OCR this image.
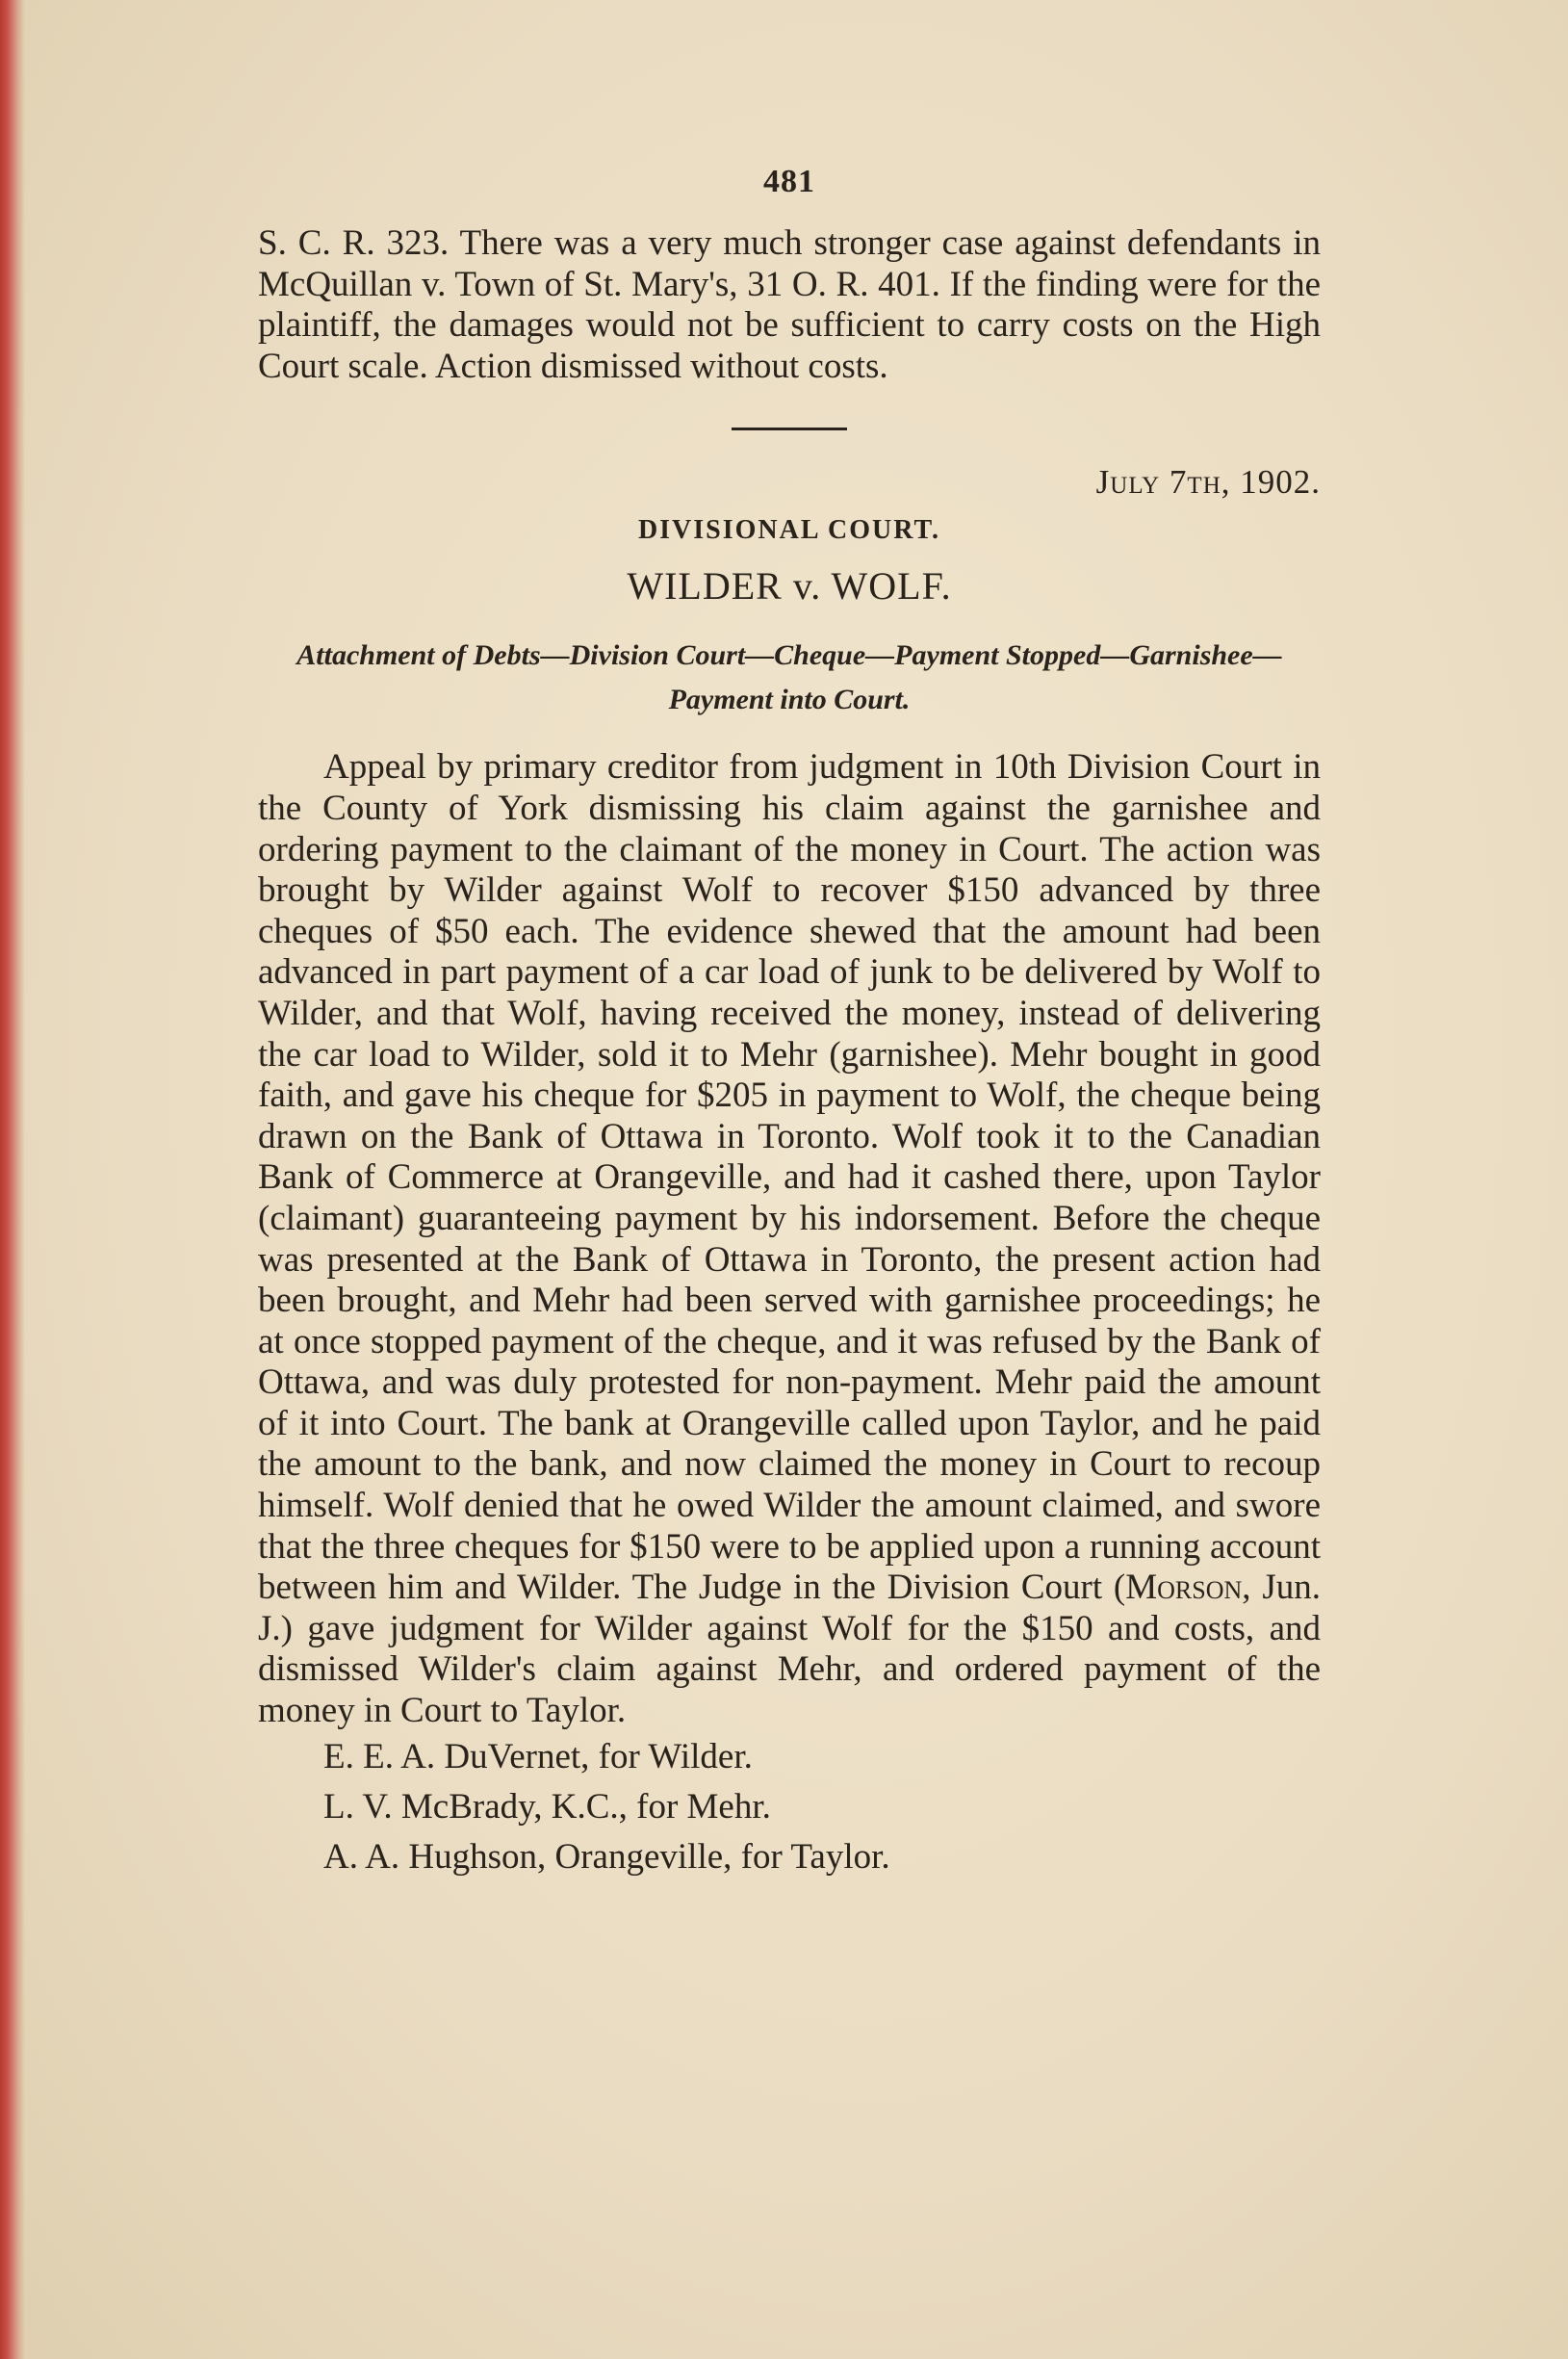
481

S. C. R. 323. There was a very much stronger case against defendants in McQuillan v. Town of St. Mary's, 31 O. R. 401. If the finding were for the plaintiff, the damages would not be sufficient to carry costs on the High Court scale. Action dismissed without costs.

July 7th, 1902.
DIVISIONAL COURT.
WILDER v. WOLF.
Attachment of Debts—Division Court—Cheque—Payment Stopped—Garnishee—Payment into Court.

Appeal by primary creditor from judgment in 10th Division Court in the County of York dismissing his claim against the garnishee and ordering payment to the claimant of the money in Court. The action was brought by Wilder against Wolf to recover $150 advanced by three cheques of $50 each. The evidence shewed that the amount had been advanced in part payment of a car load of junk to be delivered by Wolf to Wilder, and that Wolf, having received the money, instead of delivering the car load to Wilder, sold it to Mehr (garnishee). Mehr bought in good faith, and gave his cheque for $205 in payment to Wolf, the cheque being drawn on the Bank of Ottawa in Toronto. Wolf took it to the Canadian Bank of Commerce at Orangeville, and had it cashed there, upon Taylor (claimant) guaranteeing payment by his indorsement. Before the cheque was presented at the Bank of Ottawa in Toronto, the present action had been brought, and Mehr had been served with garnishee proceedings; he at once stopped payment of the cheque, and it was refused by the Bank of Ottawa, and was duly protested for non-payment. Mehr paid the amount of it into Court. The bank at Orangeville called upon Taylor, and he paid the amount to the bank, and now claimed the money in Court to recoup himself. Wolf denied that he owed Wilder the amount claimed, and swore that the three cheques for $150 were to be applied upon a running account between him and Wilder. The Judge in the Division Court (Morson, Jun. J.) gave judgment for Wilder against Wolf for the $150 and costs, and dismissed Wilder's claim against Mehr, and ordered payment of the money in Court to Taylor.

E. E. A. DuVernet, for Wilder.
L. V. McBrady, K.C., for Mehr.
A. A. Hughson, Orangeville, for Taylor.
